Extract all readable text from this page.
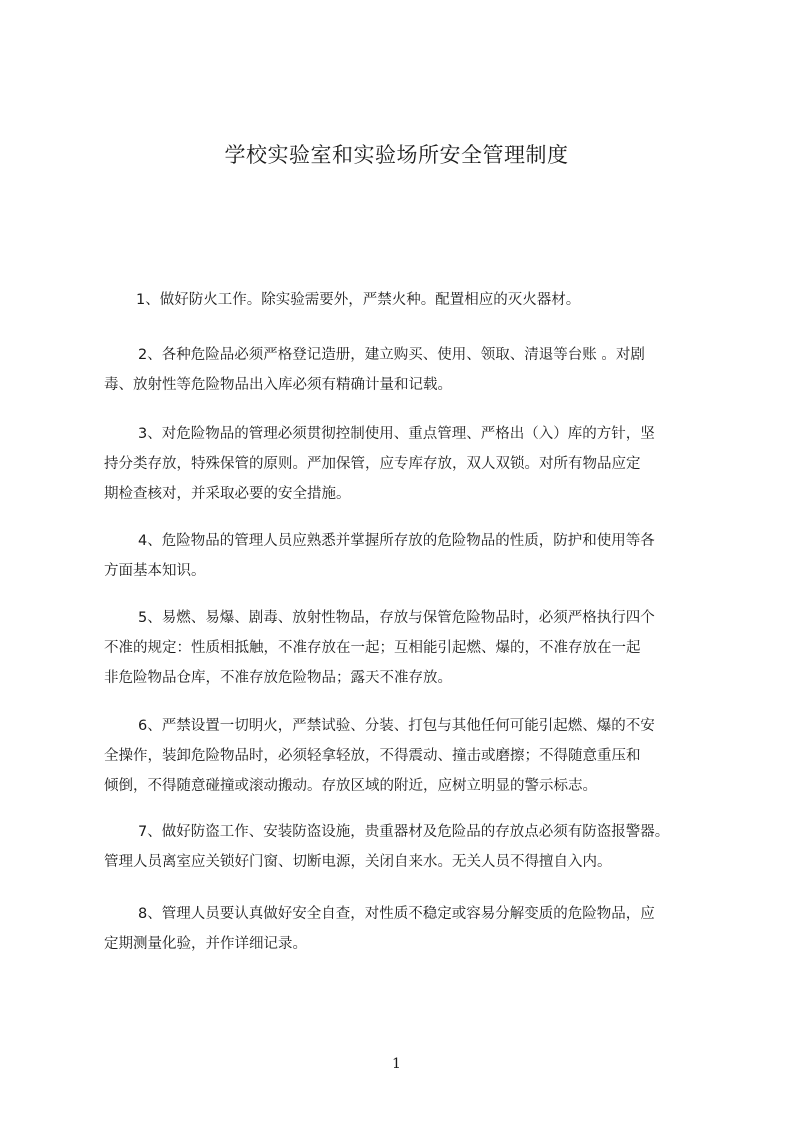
学校实验室和实验场所安全管理制度
1、做好防火工作。除实验需要外，严禁火种。配置相应的灭火器材。
2、各种危险品必须严格登记造册，建立购买、使用、领取、清退等台账 。对剧
毒、放射性等危险物品出入库必须有精确计量和记载。
3、对危险物品的管理必须贯彻控制使用、重点管理、严格出（入）库的方针，坚
持分类存放，特殊保管的原则。严加保管，应专库存放，双人双锁。对所有物品应定
期检查核对，并采取必要的安全措施。
4、危险物品的管理人员应熟悉并掌握所存放的危险物品的性质，防护和使用等各
方面基本知识。
5、易燃、易爆、剧毒、放射性物品，存放与保管危险物品时，必须严格执行四个
不准的规定：性质相抵触，不准存放在一起；互相能引起燃、爆的，不准存放在一起
非危险物品仓库，不准存放危险物品；露天不准存放。
6、严禁设置一切明火，严禁试验、分装、打包与其他任何可能引起燃、爆的不安
全操作，装卸危险物品时，必须轻拿轻放，不得震动、撞击或磨擦；不得随意重压和
倾倒，不得随意碰撞或滚动搬动。存放区域的附近，应树立明显的警示标志。
7、做好防盗工作、安装防盗设施，贵重器材及危险品的存放点必须有防盗报警器。
管理人员离室应关锁好门窗、切断电源，关闭自来水。无关人员不得擅自入内。
8、管理人员要认真做好安全自查，对性质不稳定或容易分解变质的危险物品，应
定期测量化验，并作详细记录。
1
